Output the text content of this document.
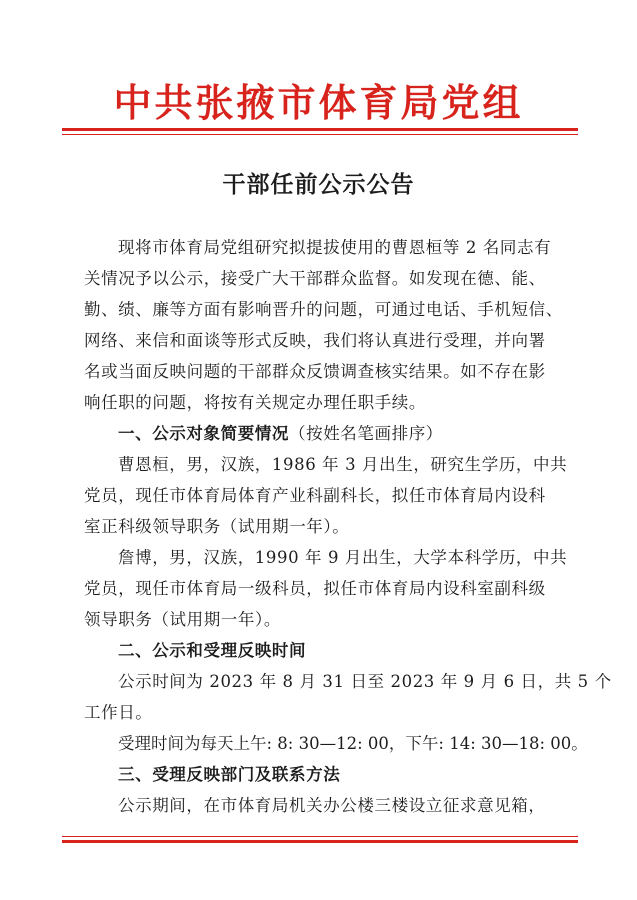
中共张掖市体育局党组
干部任前公示公告
现将市体育局党组研究拟提拔使用的曹恩桓等 2 名同志有
关情况予以公示，接受广大干部群众监督。如发现在德、能、
勤、绩、廉等方面有影响晋升的问题，可通过电话、手机短信、
网络、来信和面谈等形式反映，我们将认真进行受理，并向署
名或当面反映问题的干部群众反馈调查核实结果。如不存在影
响任职的问题，将按有关规定办理任职手续。
一、公示对象简要情况（按姓名笔画排序）
曹恩桓，男，汉族，1986 年 3 月出生，研究生学历，中共
党员，现任市体育局体育产业科副科长，拟任市体育局内设科
室正科级领导职务（试用期一年）。
詹博，男，汉族，1990 年 9 月出生，大学本科学历，中共
党员，现任市体育局一级科员，拟任市体育局内设科室副科级
领导职务（试用期一年）。
二、公示和受理反映时间
公示时间为 2023 年 8 月 31 日至 2023 年 9 月 6 日，共 5 个
工作日。
受理时间为每天上午: 8: 30—12: 00，下午: 14: 30—18: 00。
三、受理反映部门及联系方法
公示期间，在市体育局机关办公楼三楼设立征求意见箱，
